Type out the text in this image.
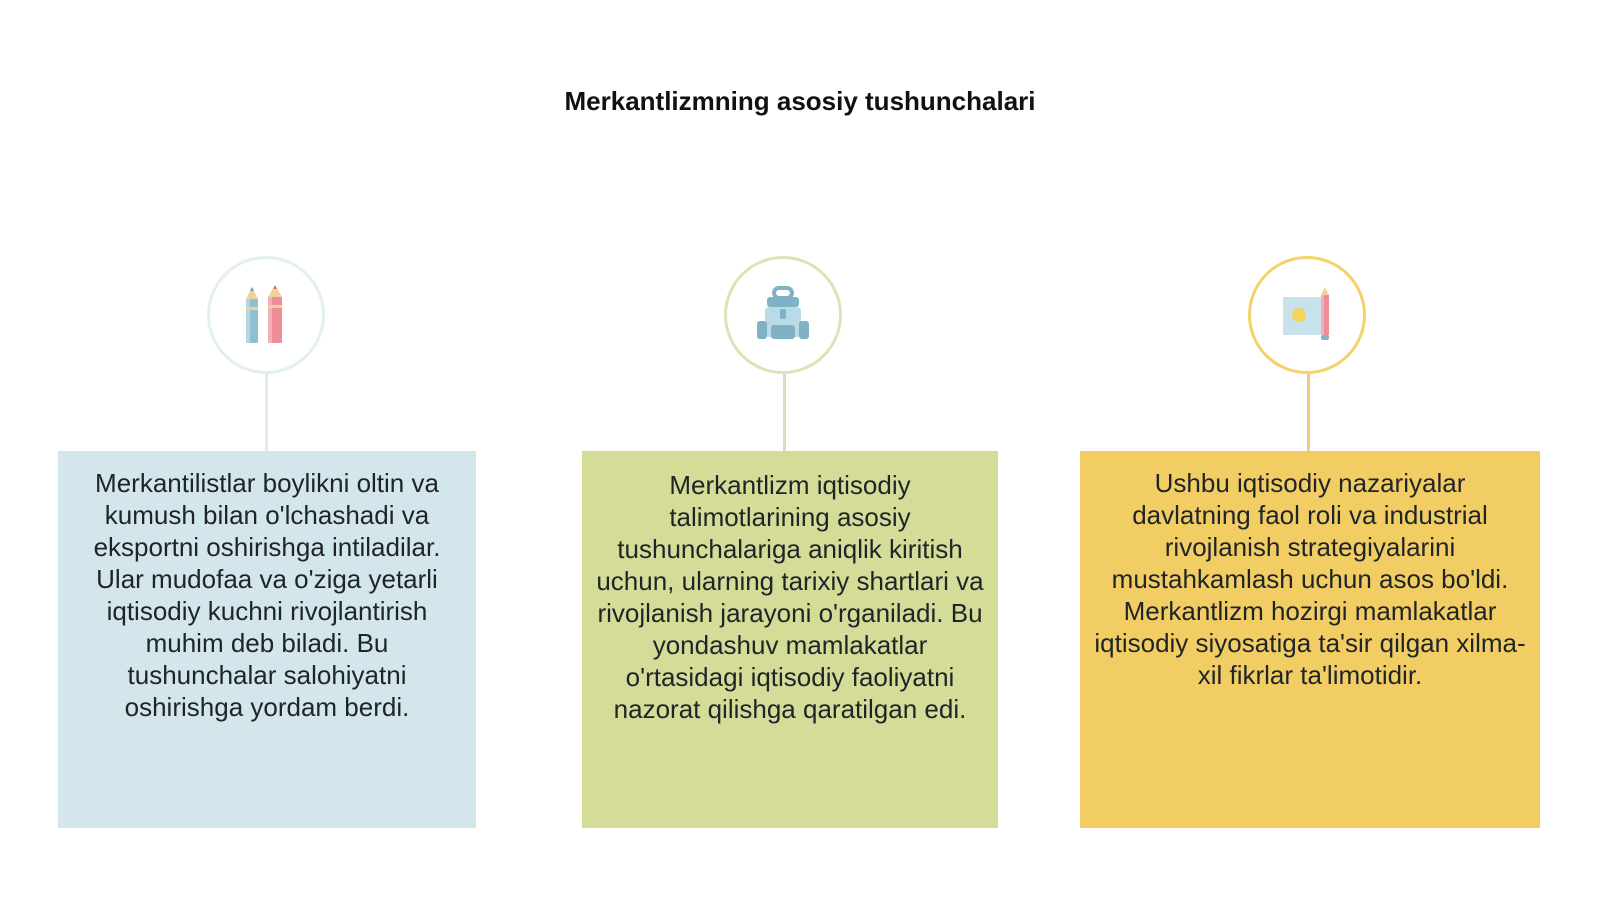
Merkantlizmning asosiy tushunchalari
Merkantilistlar boylikni oltin va kumush bilan o'lchashadi va eksportni oshirishga intiladilar. Ular mudofaa va o'ziga yetarli iqtisodiy kuchni rivojlantirish muhim deb biladi. Bu tushunchalar salohiyatni oshirishga yordam berdi.
Merkantlizm iqtisodiy talimotlarining asosiy tushunchalariga aniqlik kiritish uchun, ularning tarixiy shartlari va rivojlanish jarayoni o'rganiladi. Bu yondashuv mamlakatlar o'rtasidagi iqtisodiy faoliyatni nazorat qilishga qaratilgan edi.
Ushbu iqtisodiy nazariyalar davlatning faol roli va industrial rivojlanish strategiyalarini mustahkamlash uchun asos bo'ldi. Merkantlizm hozirgi mamlakatlar iqtisodiy siyosatiga ta'sir qilgan xilma-xil fikrlar ta'limotidir.
